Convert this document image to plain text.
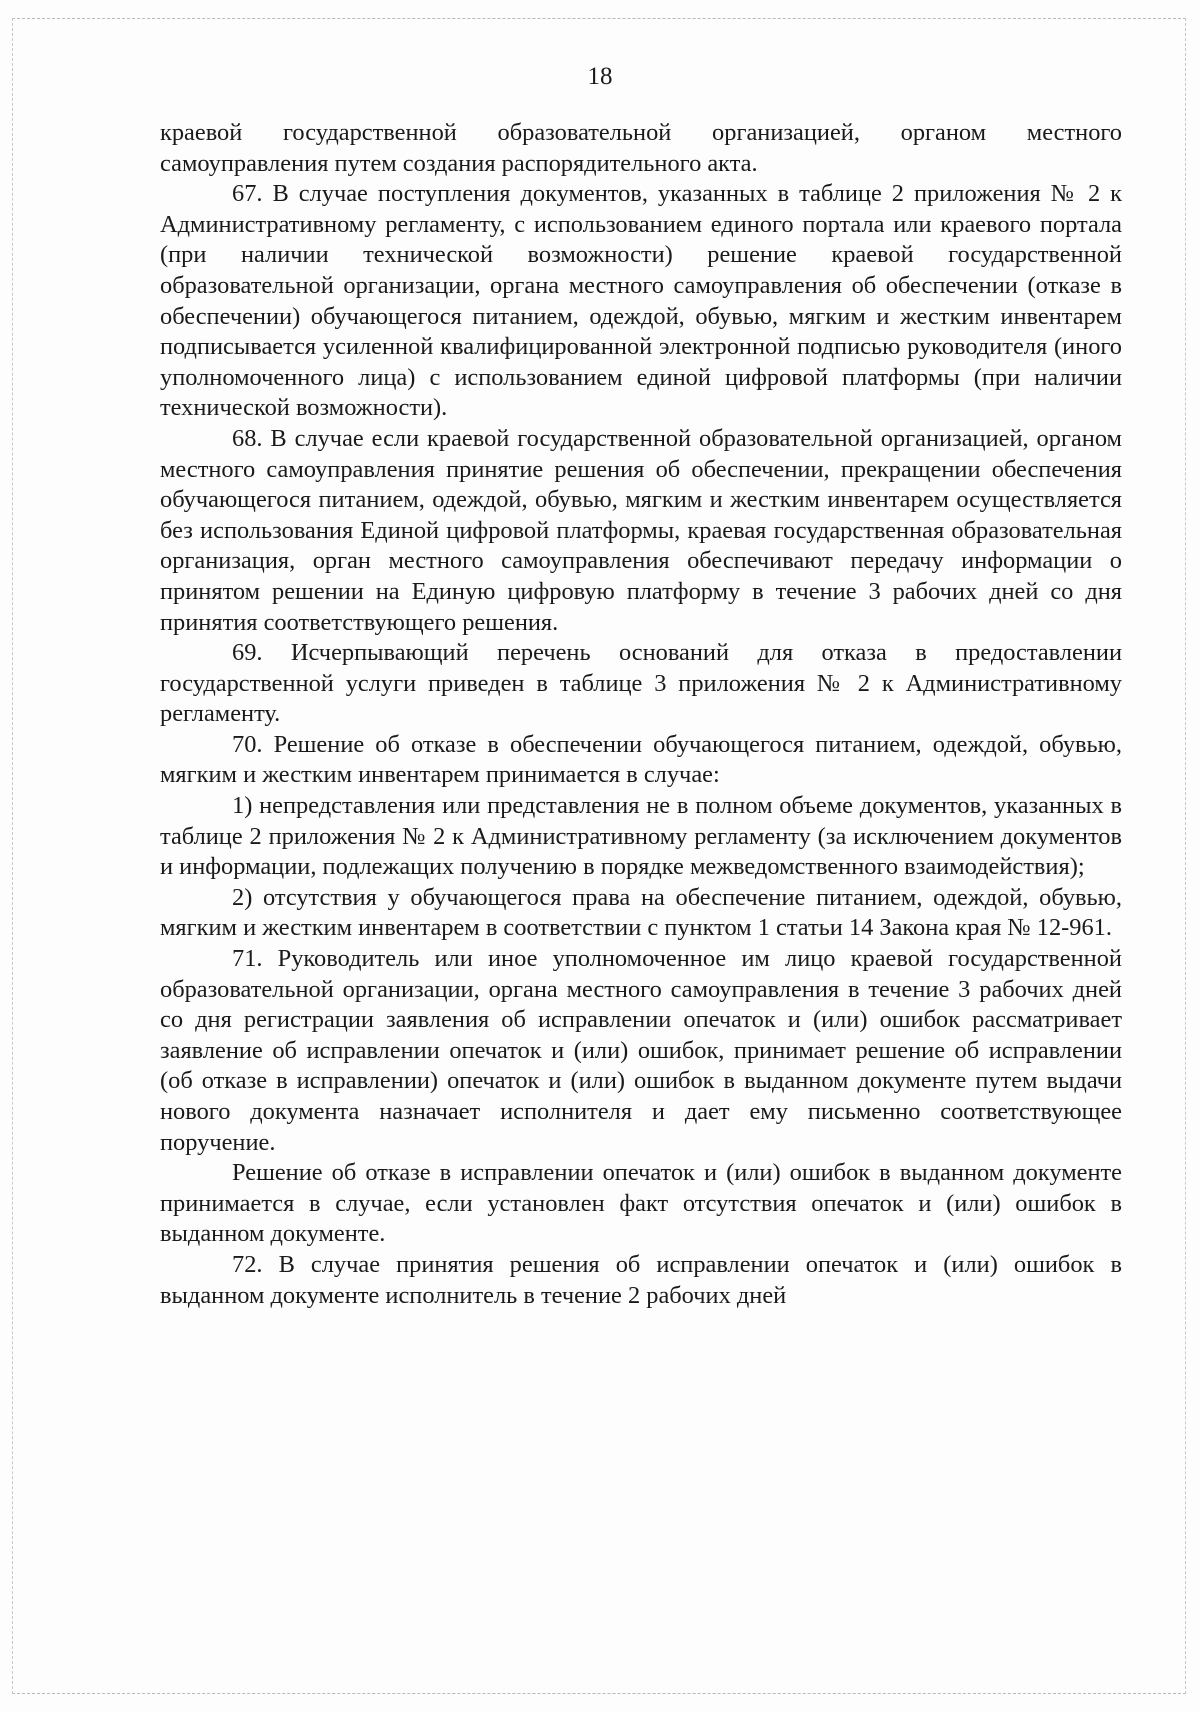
18

краевой государственной образовательной организацией, органом местного самоуправления путем создания распорядительного акта.

67. В случае поступления документов, указанных в таблице 2 приложения № 2 к Административному регламенту, с использованием единого портала или краевого портала (при наличии технической возможности) решение краевой государственной образовательной организации, органа местного самоуправления об обеспечении (отказе в обеспечении) обучающегося питанием, одеждой, обувью, мягким и жестким инвентарем подписывается усиленной квалифицированной электронной подписью руководителя (иного уполномоченного лица) с использованием единой цифровой платформы (при наличии технической возможности).

68. В случае если краевой государственной образовательной организацией, органом местного самоуправления принятие решения об обеспечении, прекращении обеспечения обучающегося питанием, одеждой, обувью, мягким и жестким инвентарем осуществляется без использования Единой цифровой платформы, краевая государственная образовательная организация, орган местного самоуправления обеспечивают передачу информации о принятом решении на Единую цифровую платформу в течение 3 рабочих дней со дня принятия соответствующего решения.

69. Исчерпывающий перечень оснований для отказа в предоставлении государственной услуги приведен в таблице 3 приложения № 2 к Административному регламенту.

70. Решение об отказе в обеспечении обучающегося питанием, одеждой, обувью, мягким и жестким инвентарем принимается в случае:

1) непредставления или представления не в полном объеме документов, указанных в таблице 2 приложения № 2 к Административному регламенту (за исключением документов и информации, подлежащих получению в порядке межведомственного взаимодействия);

2) отсутствия у обучающегося права на обеспечение питанием, одеждой, обувью, мягким и жестким инвентарем в соответствии с пунктом 1 статьи 14 Закона края № 12-961.

71. Руководитель или иное уполномоченное им лицо краевой государственной образовательной организации, органа местного самоуправления в течение 3 рабочих дней со дня регистрации заявления об исправлении опечаток и (или) ошибок рассматривает заявление об исправлении опечаток и (или) ошибок, принимает решение об исправлении (об отказе в исправлении) опечаток и (или) ошибок в выданном документе путем выдачи нового документа назначает исполнителя и дает ему письменно соответствующее поручение.

Решение об отказе в исправлении опечаток и (или) ошибок в выданном документе принимается в случае, если установлен факт отсутствия опечаток и (или) ошибок в выданном документе.

72. В случае принятия решения об исправлении опечаток и (или) ошибок в выданном документе исполнитель в течение 2 рабочих дней
